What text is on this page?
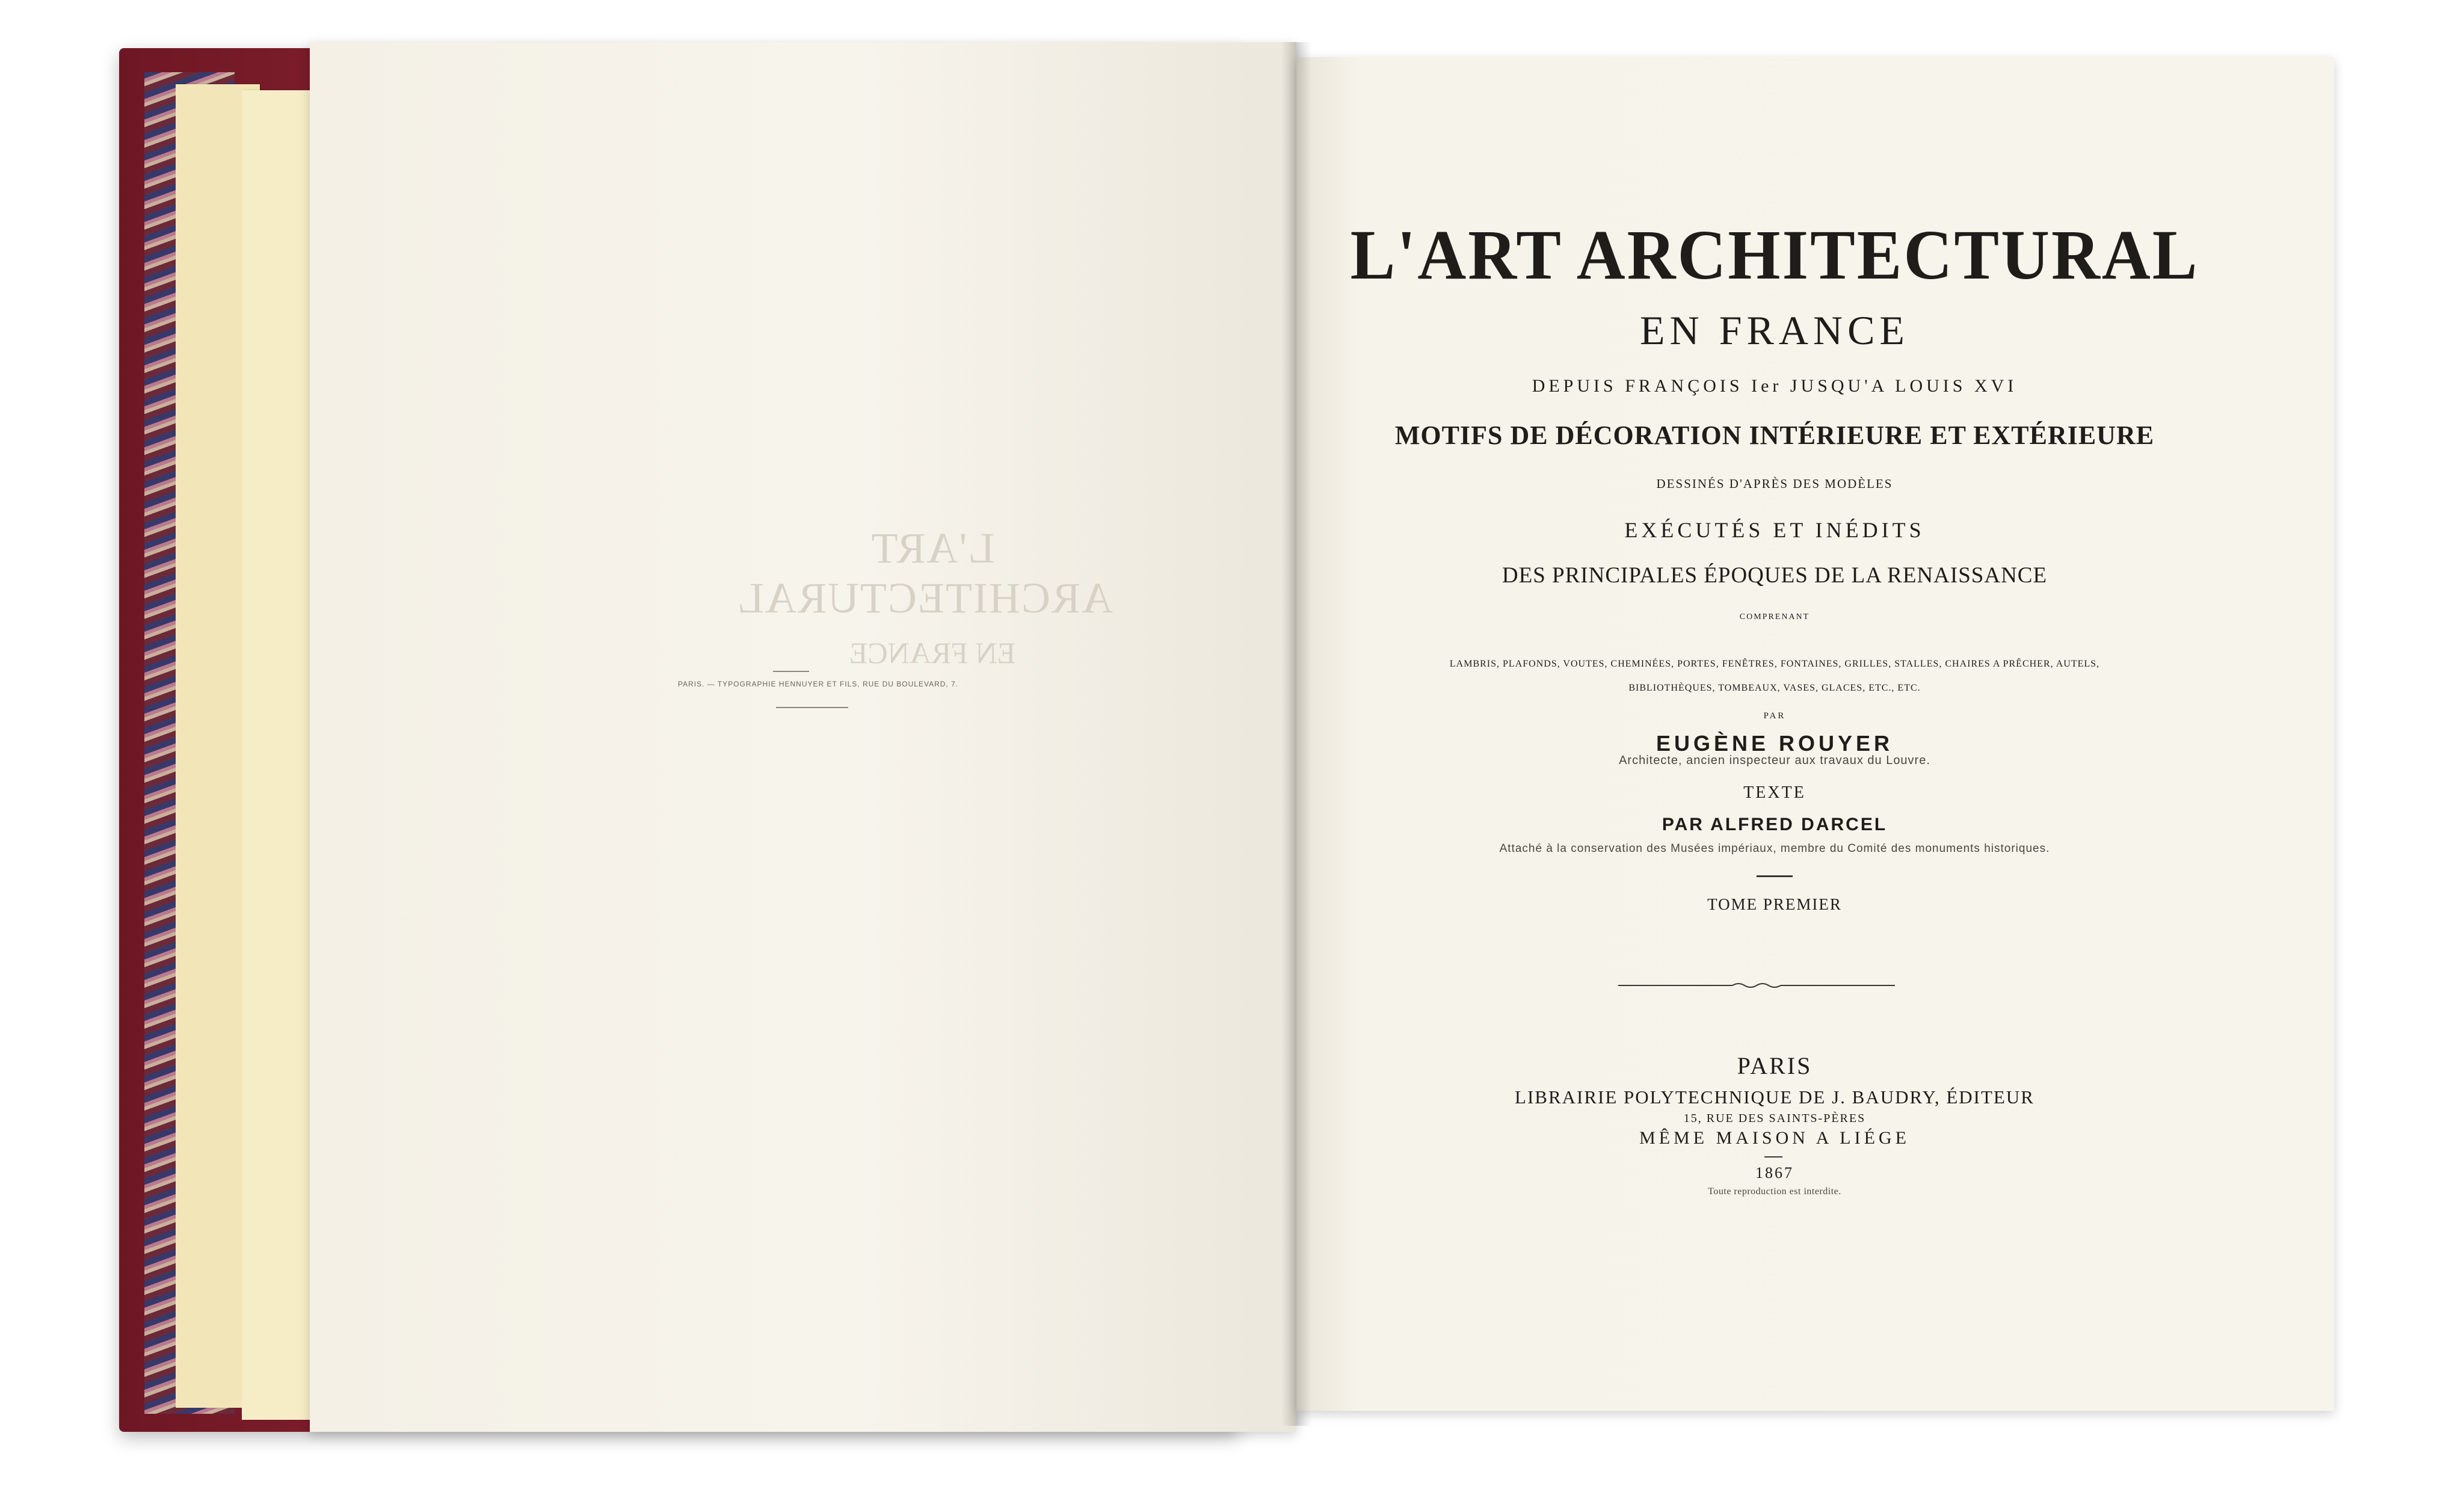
L'ART ARCHITECTURAL
EN FRANCE
PARIS. — TYPOGRAPHIE HENNUYER ET FILS, RUE DU BOULEVARD, 7.
L'ART ARCHITECTURAL
EN FRANCE
DEPUIS FRANÇOIS Ier JUSQU'A LOUIS XVI
MOTIFS DE DÉCORATION INTÉRIEURE ET EXTÉRIEURE
DESSINÉS D'APRÈS DES MODÈLES
EXÉCUTÉS ET INÉDITS
DES PRINCIPALES ÉPOQUES DE LA RENAISSANCE
COMPRENANT
LAMBRIS, PLAFONDS, VOUTES, CHEMINÉES, PORTES, FENÊTRES, FONTAINES, GRILLES, STALLES, CHAIRES A PRÊCHER, AUTELS, BIBLIOTHÈQUES, TOMBEAUX, VASES, GLACES, ETC., ETC.
PAR
EUGÈNE ROUYER
Architecte, ancien inspecteur aux travaux du Louvre.
TEXTE
PAR ALFRED DARCEL
Attaché à la conservation des Musées impériaux, membre du Comité des monuments historiques.
TOME PREMIER
PARIS
LIBRAIRIE POLYTECHNIQUE DE J. BAUDRY, ÉDITEUR
15, RUE DES SAINTS-PÈRES
MÊME MAISON A LIÉGE
1867
Toute reproduction est interdite.
